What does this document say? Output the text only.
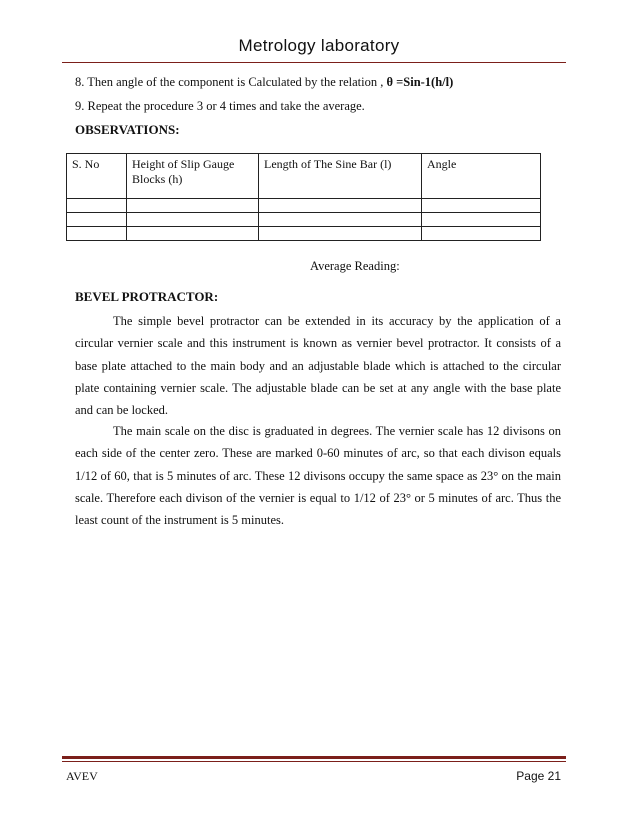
Metrology laboratory
8. Then angle of the component is Calculated by the relation , θ =Sin-1(h/l)
9. Repeat the procedure 3 or 4 times and take the average.
OBSERVATIONS:
S. No	Height of Slip Gauge Blocks (h)	Length of The Sine Bar (l)	Angle

Average Reading:
BEVEL PROTRACTOR:

The simple bevel protractor can be extended in its accuracy by the application of a circular vernier scale and this instrument is known as vernier bevel protractor. It consists of a base plate attached to the main body and an adjustable blade which is attached to the circular plate containing vernier scale. The adjustable blade can be set at any angle with the base plate and can be locked.

The main scale on the disc is graduated in degrees. The vernier scale has 12 divisons on each side of the center zero. These are marked 0-60 minutes of arc, so that each divison equals 1/12 of 60, that is 5 minutes of arc. These 12 divisons occupy the same space as 23° on the main scale. Therefore each divison of the vernier is equal to 1/12 of 23° or 5 minutes of arc. Thus the least count of the instrument is 5 minutes.

AVEV	Page 21
